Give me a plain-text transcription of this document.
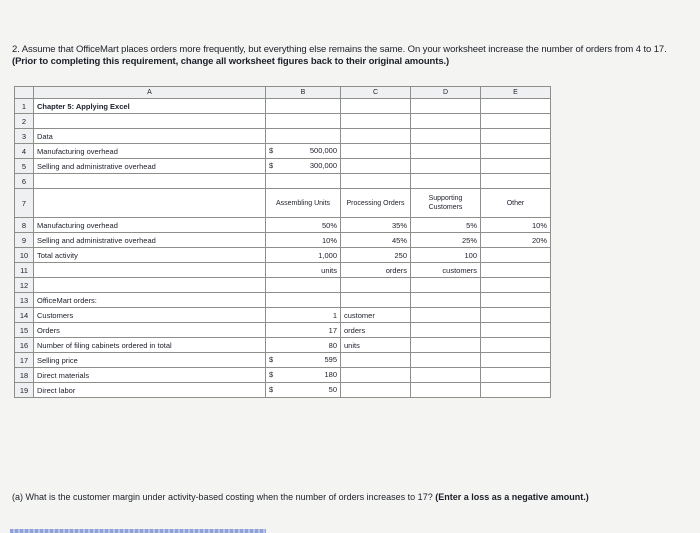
2. Assume that OfficeMart places orders more frequently, but everything else remains the same. On your worksheet increase the number of orders from 4 to 17. (Prior to completing this requirement, change all worksheet figures back to their original amounts.)
	A	B	C	D	E
1	Chapter 5: Applying Excel				
2					
3	Data				
4	Manufacturing overhead	$ 500,000			

5	Selling and administrative overhead	$ 300,000			

6					
7		Assembling Units	Processing Orders	Supporting Customers	Other
8	Manufacturing overhead	50%	35%	5%	10%
9	Selling and administrative overhead	10%	45%	25%	20%
10	Total activity	1,000	250	100	
11		units	orders	customers	
12					
13	OfficeMart orders:				
14	Customers	1	customer		
15	Orders	17	orders		
16	Number of filing cabinets ordered in total	80	units		
17	Selling price	$ 595			

18	Direct materials	$ 180			

19	Direct labor	$ 50			

(a) What is the customer margin under activity-based costing when the number of orders increases to 17? (Enter a loss as a negative amount.)
